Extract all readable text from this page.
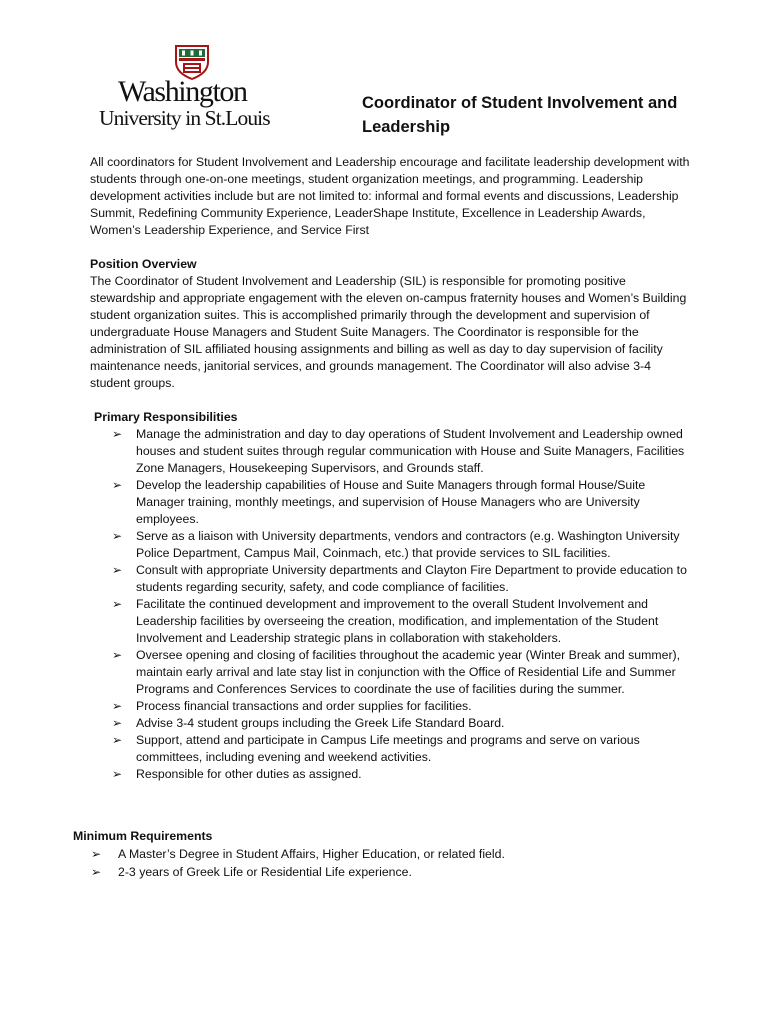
Washington
University in St.Louis
Coordinator of Student Involvement and Leadership

All coordinators for Student Involvement and Leadership encourage and facilitate leadership development with students through one-on-one meetings, student organization meetings, and programming. Leadership development activities include but are not limited to: informal and formal events and discussions, Leadership Summit, Redefining Community Experience, LeaderShape Institute, Excellence in Leadership Awards, Women’s Leadership Experience, and Service First

Position Overview

The Coordinator of Student Involvement and Leadership (SIL) is responsible for promoting positive stewardship and appropriate engagement with the eleven on-campus fraternity houses and Women’s Building student organization suites. This is accomplished primarily through the development and supervision of undergraduate House Managers and Student Suite Managers. The Coordinator is responsible for the administration of SIL affiliated housing assignments and billing as well as day to day supervision of facility maintenance needs, janitorial services, and grounds management. The Coordinator will also advise 3-4 student groups.

Primary Responsibilities

➢ Manage the administration and day to day operations of Student Involvement and Leadership owned houses and student suites through regular communication with House and Suite Managers, Facilities Zone Managers, Housekeeping Supervisors, and Grounds staff.
➢ Develop the leadership capabilities of House and Suite Managers through formal House/Suite Manager training, monthly meetings, and supervision of House Managers who are University employees.
➢ Serve as a liaison with University departments, vendors and contractors (e.g. Washington University Police Department, Campus Mail, Coinmach, etc.) that provide services to SIL facilities.
➢ Consult with appropriate University departments and Clayton Fire Department to provide education to students regarding security, safety, and code compliance of facilities.
➢ Facilitate the continued development and improvement to the overall Student Involvement and Leadership facilities by overseeing the creation, modification, and implementation of the Student Involvement and Leadership strategic plans in collaboration with stakeholders.
➢ Oversee opening and closing of facilities throughout the academic year (Winter Break and summer), maintain early arrival and late stay list in conjunction with the Office of Residential Life and Summer Programs and Conferences Services to coordinate the use of facilities during the summer.
➢ Process financial transactions and order supplies for facilities.
➢ Advise 3-4 student groups including the Greek Life Standard Board.
➢ Support, attend and participate in Campus Life meetings and programs and serve on various committees, including evening and weekend activities.
➢ Responsible for other duties as assigned.

Minimum Requirements

➢ A Master’s Degree in Student Affairs, Higher Education, or related field.
➢ 2-3 years of Greek Life or Residential Life experience.
